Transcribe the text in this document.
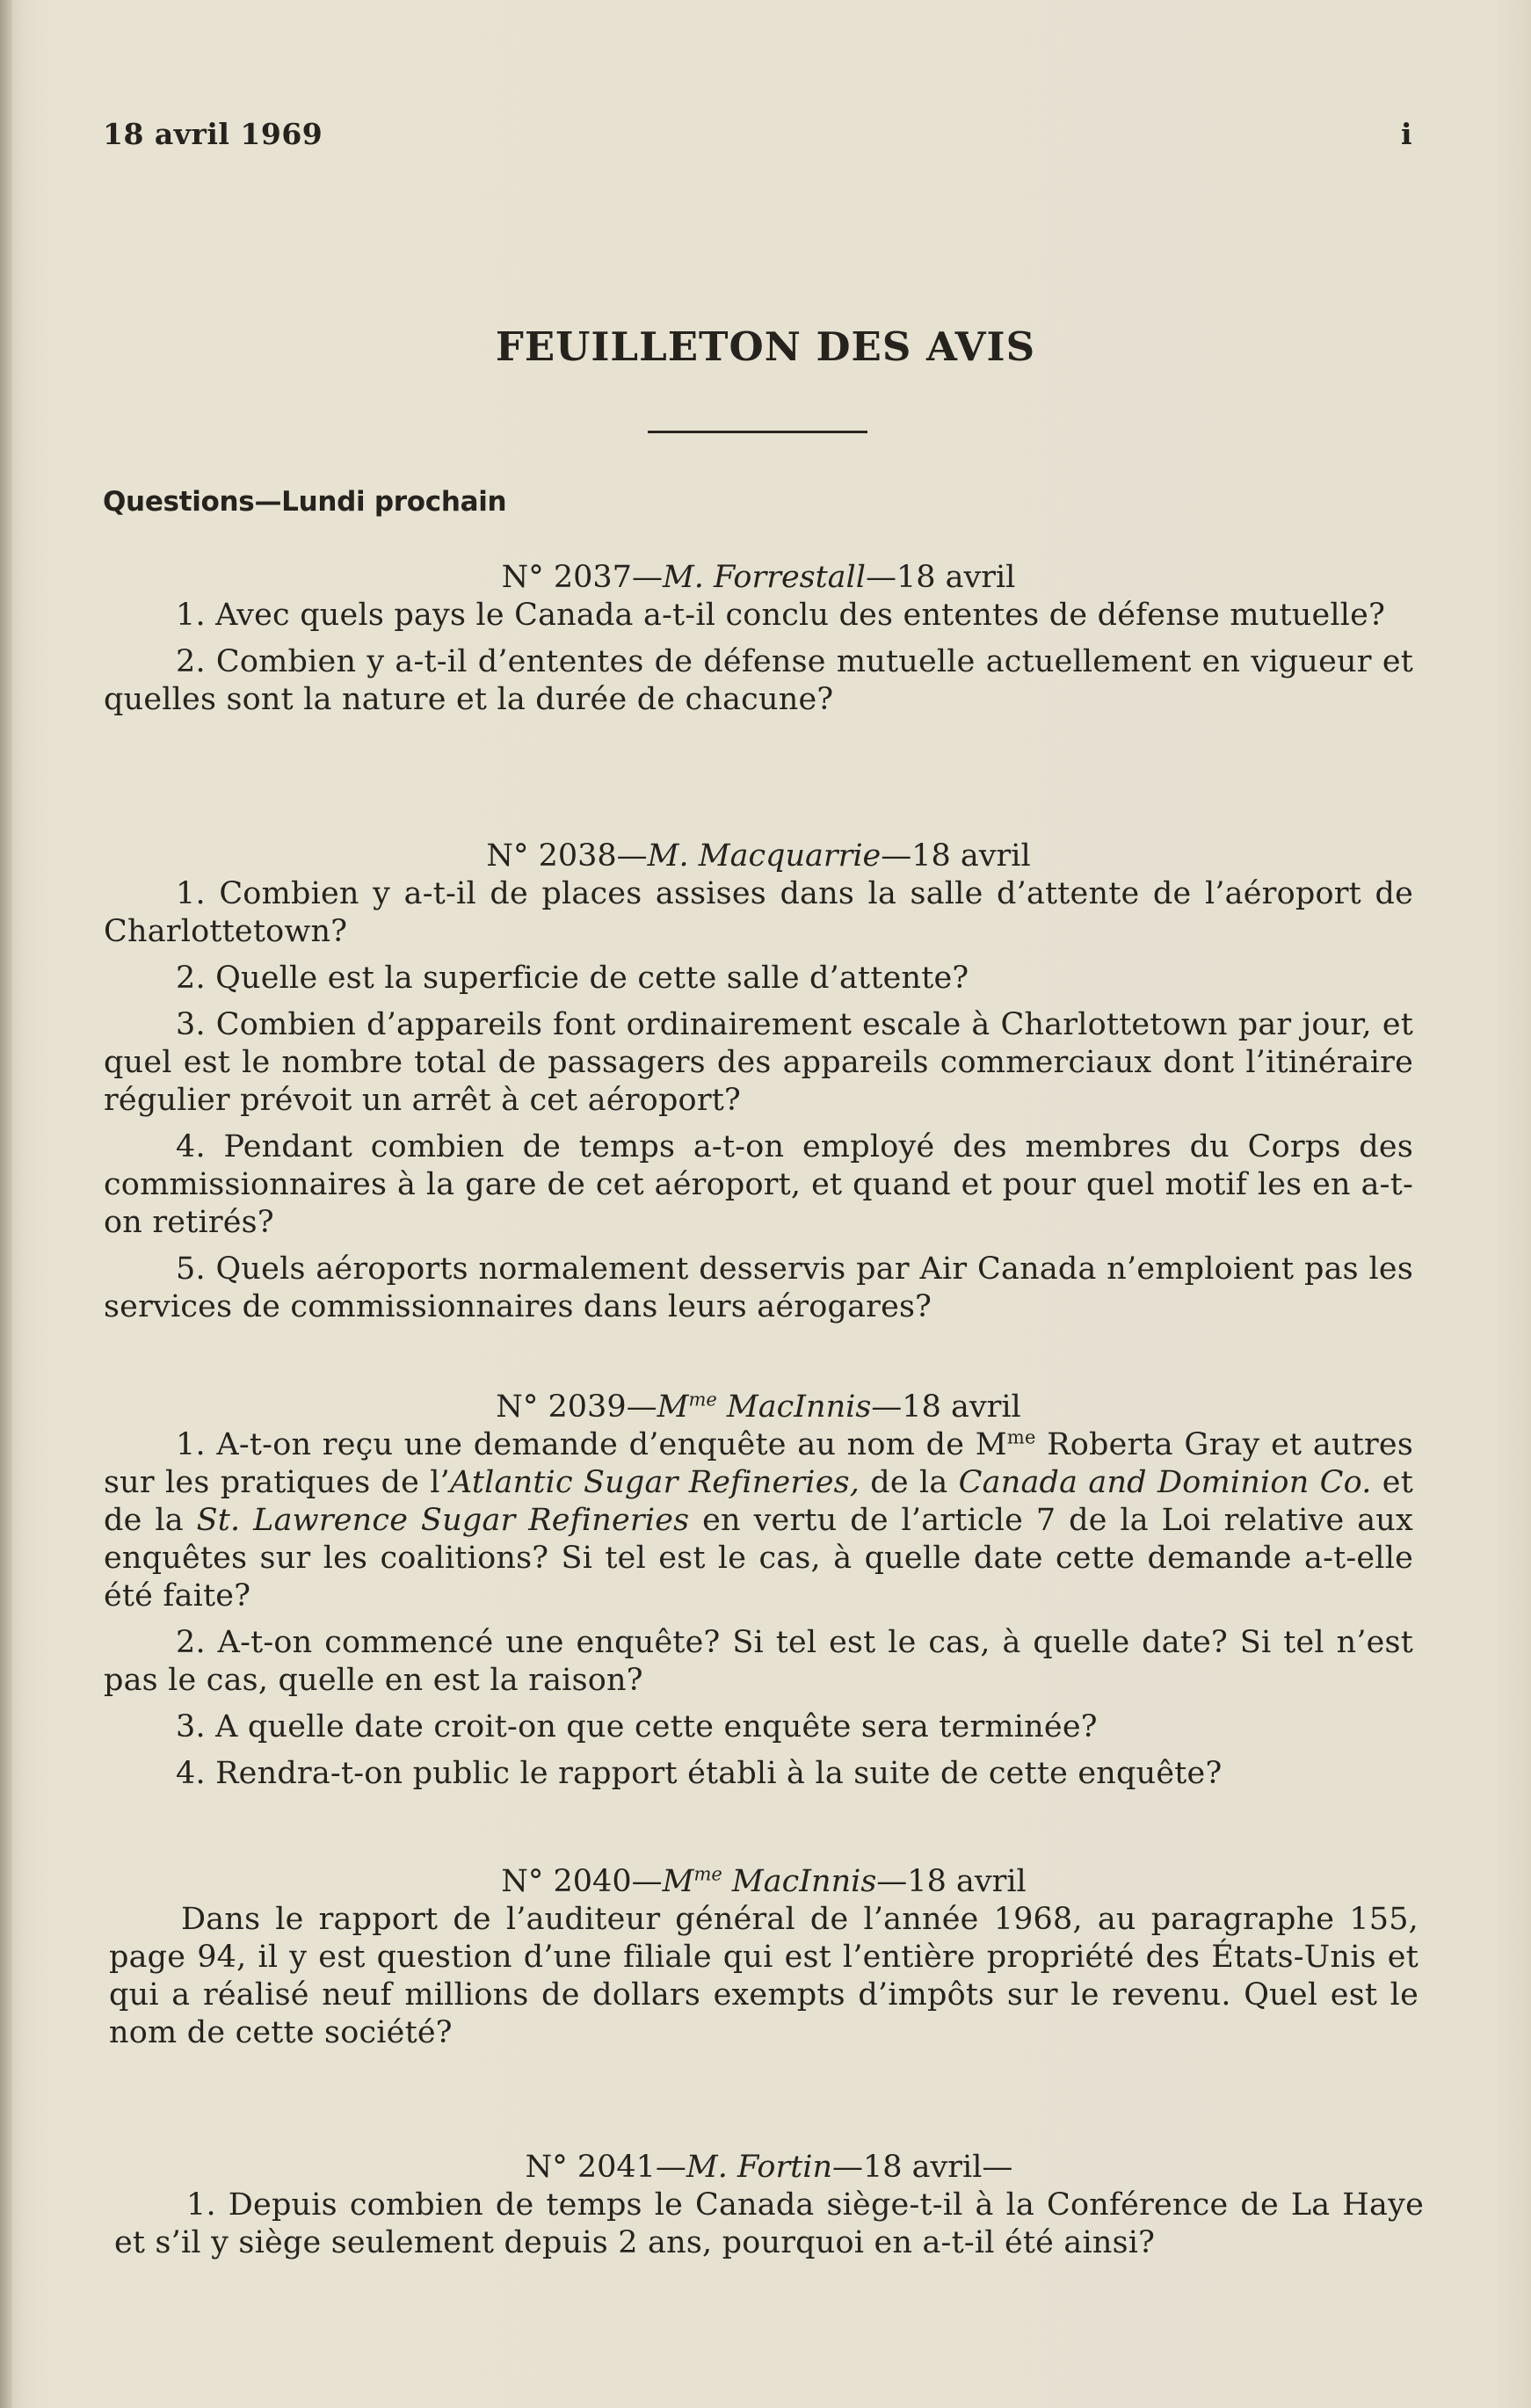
18 avril 1969	i
FEUILLETON DES AVIS
Questions—Lundi prochain
N° 2037—M. Forrestall—18 avril

1. Avec quels pays le Canada a-t-il conclu des ententes de défense mutuelle?

2. Combien y a-t-il d’ententes de défense mutuelle actuellement en vigueur et quelles sont la nature et la durée de chacune?

N° 2038—M. Macquarrie—18 avril

1. Combien y a-t-il de places assises dans la salle d’attente de l’aéroport de Charlottetown?

2. Quelle est la superficie de cette salle d’attente?

3. Combien d’appareils font ordinairement escale à Charlottetown par jour, et quel est le nombre total de passagers des appareils commerciaux dont l’itinéraire régulier prévoit un arrêt à cet aéroport?

4. Pendant combien de temps a-t-on employé des membres du Corps des commissionnaires à la gare de cet aéroport, et quand et pour quel motif les en a-t-on retirés?

5. Quels aéroports normalement desservis par Air Canada n’emploient pas les services de commissionnaires dans leurs aérogares?

N° $2039—M^{me}$ MacInnis—18 avril

1. A-t-on reçu une demande d’enquête au nom de $M^{me}$ Roberta Gray et autres sur les pratiques de l’Atlantic Sugar Refineries, de la Canada and Dominion Co. et de la St. Lawrence Sugar Refineries en vertu de l’article 7 de la Loi relative aux enquêtes sur les coalitions? Si tel est le cas, à quelle date cette demande a-t-elle été faite?

2. A-t-on commencé une enquête? Si tel est le cas, à quelle date? Si tel n’est pas le cas, quelle en est la raison?

3. A quelle date croit-on que cette enquête sera terminée?

4. Rendra-t-on public le rapport établi à la suite de cette enquête?

N° $2040—M^{me}$ MacInnis—18 avril

Dans le rapport de l’auditeur général de l’année 1968, au paragraphe 155, page 94, il y est question d’une filiale qui est l’entière propriété des États-Unis et qui a réalisé neuf millions de dollars exempts d’impôts sur le revenu. Quel est le nom de cette société?

N° 2041—M. Fortin—18 avril—

1. Depuis combien de temps le Canada siège-t-il à la Conférence de La Haye et s’il y siège seulement depuis 2 ans, pourquoi en a-t-il été ainsi?
